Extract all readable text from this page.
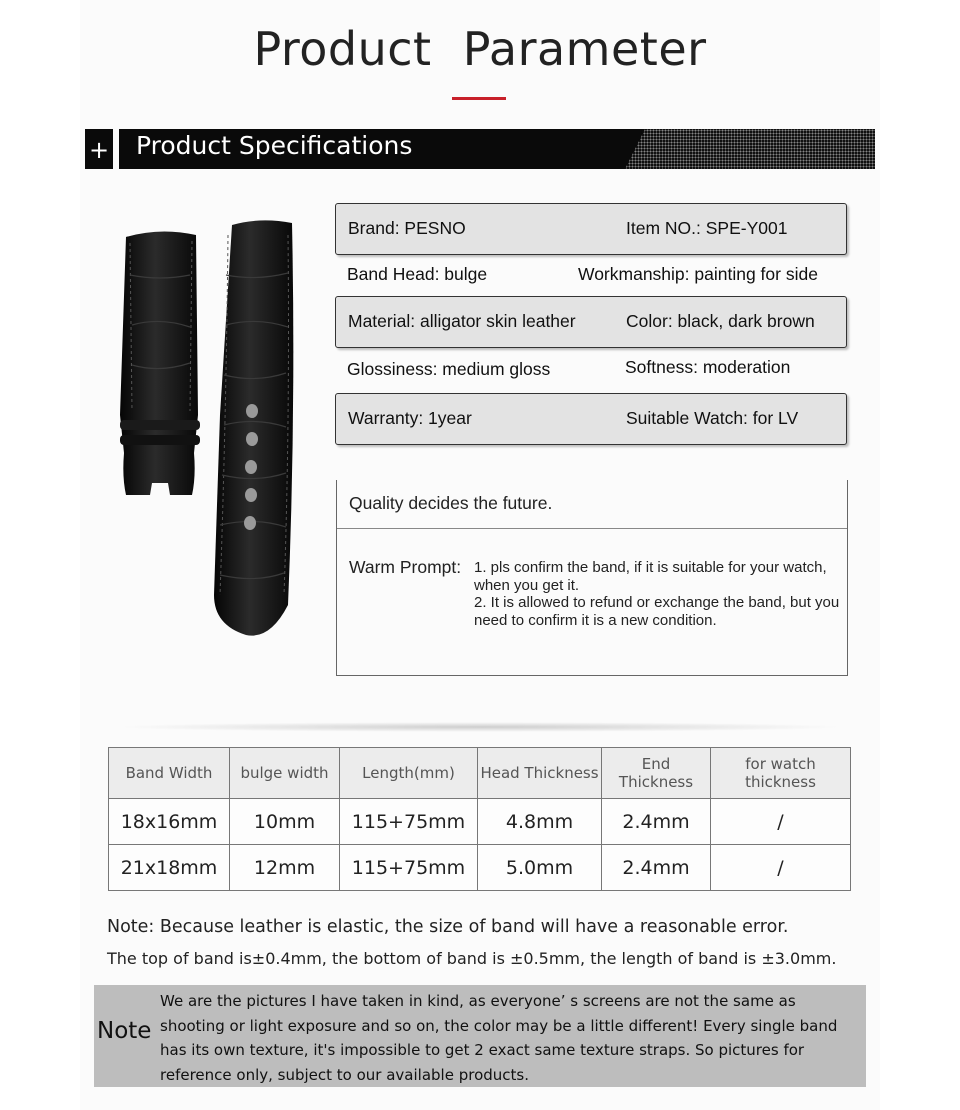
Product Parameter
+ Product Specifications
Brand: PESNO	Item NO.: SPE-Y001
Band Head: bulge	Workmanship: painting for side
Material: alligator skin leather	Color: black, dark brown
Glossiness: medium gloss	Softness: moderation
Warranty: 1year	Suitable Watch: for LV
Quality decides the future.
Warm Prompt: 1. pls confirm the band, if it is suitable for your watch, when you get it.
2. It is allowed to refund or exchange the band, but you need to confirm it is a new condition.
Band Width	bulge width	Length(mm)	Head Thickness	End Thickness	for watch thickness
18x16mm	10mm	115+75mm	4.8mm	2.4mm	/
21x18mm	12mm	115+75mm	5.0mm	2.4mm	/
Note: Because leather is elastic, the size of band will have a reasonable error.
The top of band is±0.4mm, the bottom of band is ±0.5mm, the length of band is ±3.0mm.
Note
We are the pictures I have taken in kind, as everyone’ s screens are not the same as shooting or light exposure and so on, the color may be a little different! Every single band has its own texture, it's impossible to get 2 exact same texture straps. So pictures for reference only, subject to our available products.
